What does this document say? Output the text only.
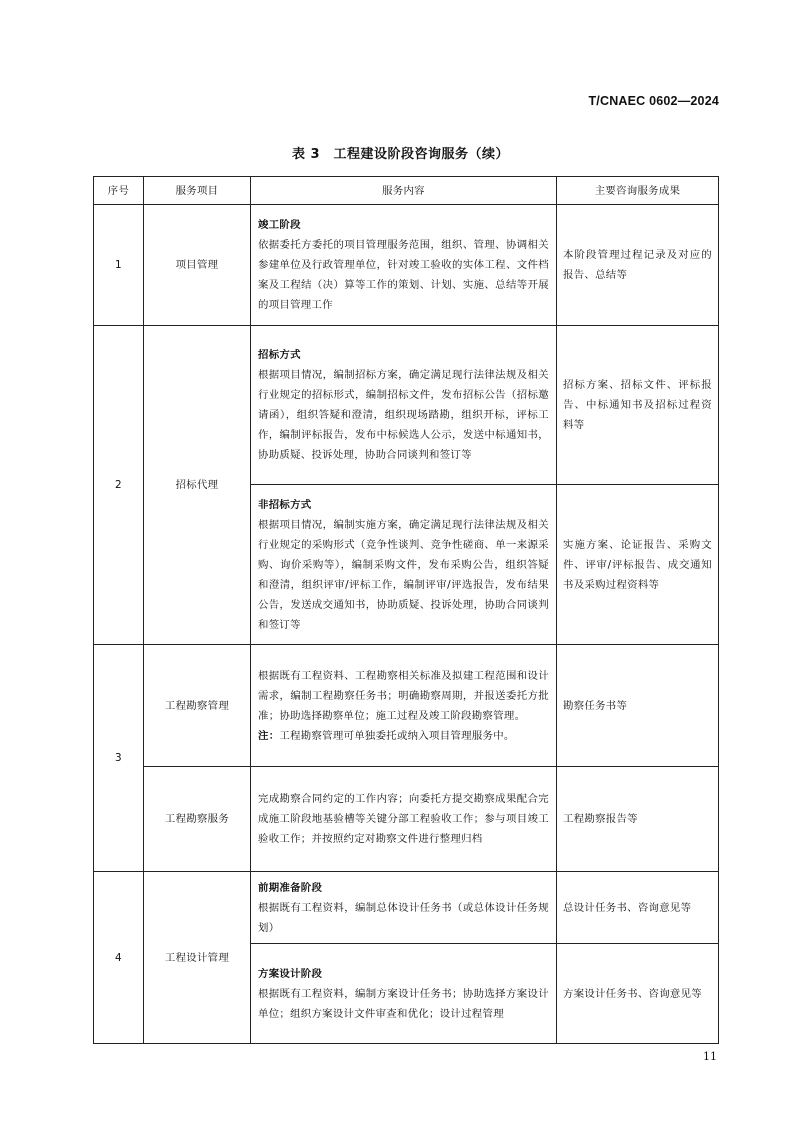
T/CNAEC 0602—2024
表 3　工程建设阶段咨询服务（续）
序号	服务项目	服务内容	主要咨询服务成果
1	项目管理	竣工阶段
依据委托方委托的项目管理服务范围，组织、管理、协调相关参建单位及行政管理单位，针对竣工验收的实体工程、文件档案及工程结（决）算等工作的策划、计划、实施、总结等开展的项目管理工作	本阶段管理过程记录及对应的报告、总结等
2	招标代理	招标方式
根据项目情况，编制招标方案，确定满足现行法律法规及相关行业规定的招标形式，编制招标文件，发布招标公告（招标邀请函），组织答疑和澄清，组织现场踏勘，组织开标，评标工作，编制评标报告，发布中标候选人公示，发送中标通知书，协助质疑、投诉处理，协助合同谈判和签订等	招标方案、招标文件、评标报告、中标通知书及招标过程资料等

		非招标方式
根据项目情况，编制实施方案，确定满足现行法律法规及相关行业规定的采购形式（竞争性谈判、竞争性磋商、单一来源采购、询价采购等），编制采购文件，发布采购公告，组织答疑和澄清，组织评审/评标工作，编制评审/评选报告，发布结果公告，发送成交通知书，协助质疑、投诉处理，协助合同谈判和签订等	实施方案、论证报告、采购文件、评审/评标报告、成交通知书及采购过程资料等
3	工程勘察管理	根据既有工程资料、工程勘察相关标准及拟建工程范围和设计需求，编制工程勘察任务书；明确勘察周期，并报送委托方批准；协助选择勘察单位；施工过程及竣工阶段勘察管理。
注：工程勘察管理可单独委托或纳入项目管理服务中。	勘察任务书等
	工程勘察服务	完成勘察合同约定的工作内容；向委托方提交勘察成果配合完成施工阶段地基验槽等关键分部工程验收工作；参与项目竣工验收工作；并按照约定对勘察文件进行整理归档	工程勘察报告等
4	工程设计管理	前期准备阶段
根据既有工程资料，编制总体设计任务书（或总体设计任务规划）	总设计任务书、咨询意见等

		方案设计阶段
根据既有工程资料，编制方案设计任务书；协助选择方案设计单位；组织方案设计文件审查和优化；设计过程管理	方案设计任务书、咨询意见等
11
